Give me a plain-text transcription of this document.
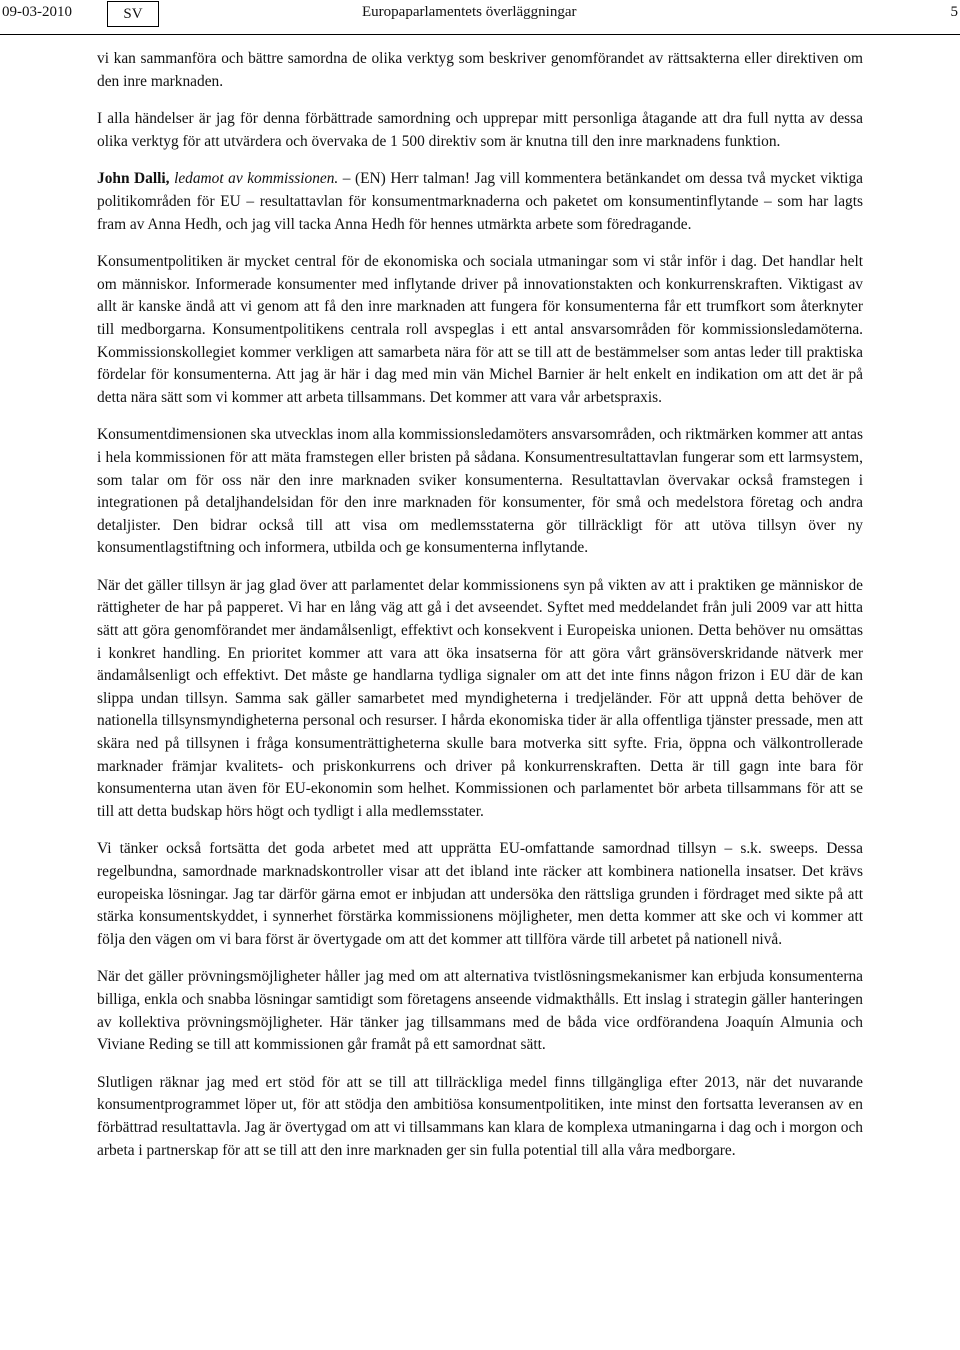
09-03-2010	SV	Europaparlamentets överläggningar	5

vi kan sammanföra och bättre samordna de olika verktyg som beskriver genomförandet av rättsakterna eller direktiven om den inre marknaden.

I alla händelser är jag för denna förbättrade samordning och upprepar mitt personliga åtagande att dra full nytta av dessa olika verktyg för att utvärdera och övervaka de 1 500 direktiv som är knutna till den inre marknadens funktion.

John Dalli, ledamot av kommissionen. – (EN) Herr talman! Jag vill kommentera betänkandet om dessa två mycket viktiga politikområden för EU – resultattavlan för konsumentmarknaderna och paketet om konsumentinflytande – som har lagts fram av Anna Hedh, och jag vill tacka Anna Hedh för hennes utmärkta arbete som föredragande.

Konsumentpolitiken är mycket central för de ekonomiska och sociala utmaningar som vi står inför i dag. Det handlar helt om människor. Informerade konsumenter med inflytande driver på innovationstakten och konkurrenskraften. Viktigast av allt är kanske ändå att vi genom att få den inre marknaden att fungera för konsumenterna får ett trumfkort som återknyter till medborgarna. Konsumentpolitikens centrala roll avspeglas i ett antal ansvarsområden för kommissionsledamöterna. Kommissionskollegiet kommer verkligen att samarbeta nära för att se till att de bestämmelser som antas leder till praktiska fördelar för konsumenterna. Att jag är här i dag med min vän Michel Barnier är helt enkelt en indikation om att det är på detta nära sätt som vi kommer att arbeta tillsammans. Det kommer att vara vår arbetspraxis.

Konsumentdimensionen ska utvecklas inom alla kommissionsledamöters ansvarsområden, och riktmärken kommer att antas i hela kommissionen för att mäta framstegen eller bristen på sådana. Konsumentresultattavlan fungerar som ett larmsystem, som talar om för oss när den inre marknaden sviker konsumenterna. Resultattavlan övervakar också framstegen i integrationen på detaljhandelsidan för den inre marknaden för konsumenter, för små och medelstora företag och andra detaljister. Den bidrar också till att visa om medlemsstaterna gör tillräckligt för att utöva tillsyn över ny konsumentlagstiftning och informera, utbilda och ge konsumenterna inflytande.

När det gäller tillsyn är jag glad över att parlamentet delar kommissionens syn på vikten av att i praktiken ge människor de rättigheter de har på papperet. Vi har en lång väg att gå i det avseendet. Syftet med meddelandet från juli 2009 var att hitta sätt att göra genomförandet mer ändamålsenligt, effektivt och konsekvent i Europeiska unionen. Detta behöver nu omsättas i konkret handling. En prioritet kommer att vara att öka insatserna för att göra vårt gränsöverskridande nätverk mer ändamålsenligt och effektivt. Det måste ge handlarna tydliga signaler om att det inte finns någon frizon i EU där de kan slippa undan tillsyn. Samma sak gäller samarbetet med myndigheterna i tredjeländer. För att uppnå detta behöver de nationella tillsynsmyndigheterna personal och resurser. I hårda ekonomiska tider är alla offentliga tjänster pressade, men att skära ned på tillsynen i fråga konsumenträttigheterna skulle bara motverka sitt syfte. Fria, öppna och välkontrollerade marknader främjar kvalitets- och priskonkurrens och driver på konkurrenskraften. Detta är till gagn inte bara för konsumenterna utan även för EU-ekonomin som helhet. Kommissionen och parlamentet bör arbeta tillsammans för att se till att detta budskap hörs högt och tydligt i alla medlemsstater.

Vi tänker också fortsätta det goda arbetet med att upprätta EU-omfattande samordnad tillsyn – s.k. sweeps. Dessa regelbundna, samordnade marknadskontroller visar att det ibland inte räcker att kombinera nationella insatser. Det krävs europeiska lösningar. Jag tar därför gärna emot er inbjudan att undersöka den rättsliga grunden i fördraget med sikte på att stärka konsumentskyddet, i synnerhet förstärka kommissionens möjligheter, men detta kommer att ske och vi kommer att följa den vägen om vi bara först är övertygade om att det kommer att tillföra värde till arbetet på nationell nivå.

När det gäller prövningsmöjligheter håller jag med om att alternativa tvistlösningsmekanismer kan erbjuda konsumenterna billiga, enkla och snabba lösningar samtidigt som företagens anseende vidmakthålls. Ett inslag i strategin gäller hanteringen av kollektiva prövningsmöjligheter. Här tänker jag tillsammans med de båda vice ordförandena Joaquín Almunia och Viviane Reding se till att kommissionen går framåt på ett samordnat sätt.

Slutligen räknar jag med ert stöd för att se till att tillräckliga medel finns tillgängliga efter 2013, när det nuvarande konsumentprogrammet löper ut, för att stödja den ambitiösa konsumentpolitiken, inte minst den fortsatta leveransen av en förbättrad resultattavla. Jag är övertygad om att vi tillsammans kan klara de komplexa utmaningarna i dag och i morgon och arbeta i partnerskap för att se till att den inre marknaden ger sin fulla potential till alla våra medborgare.
